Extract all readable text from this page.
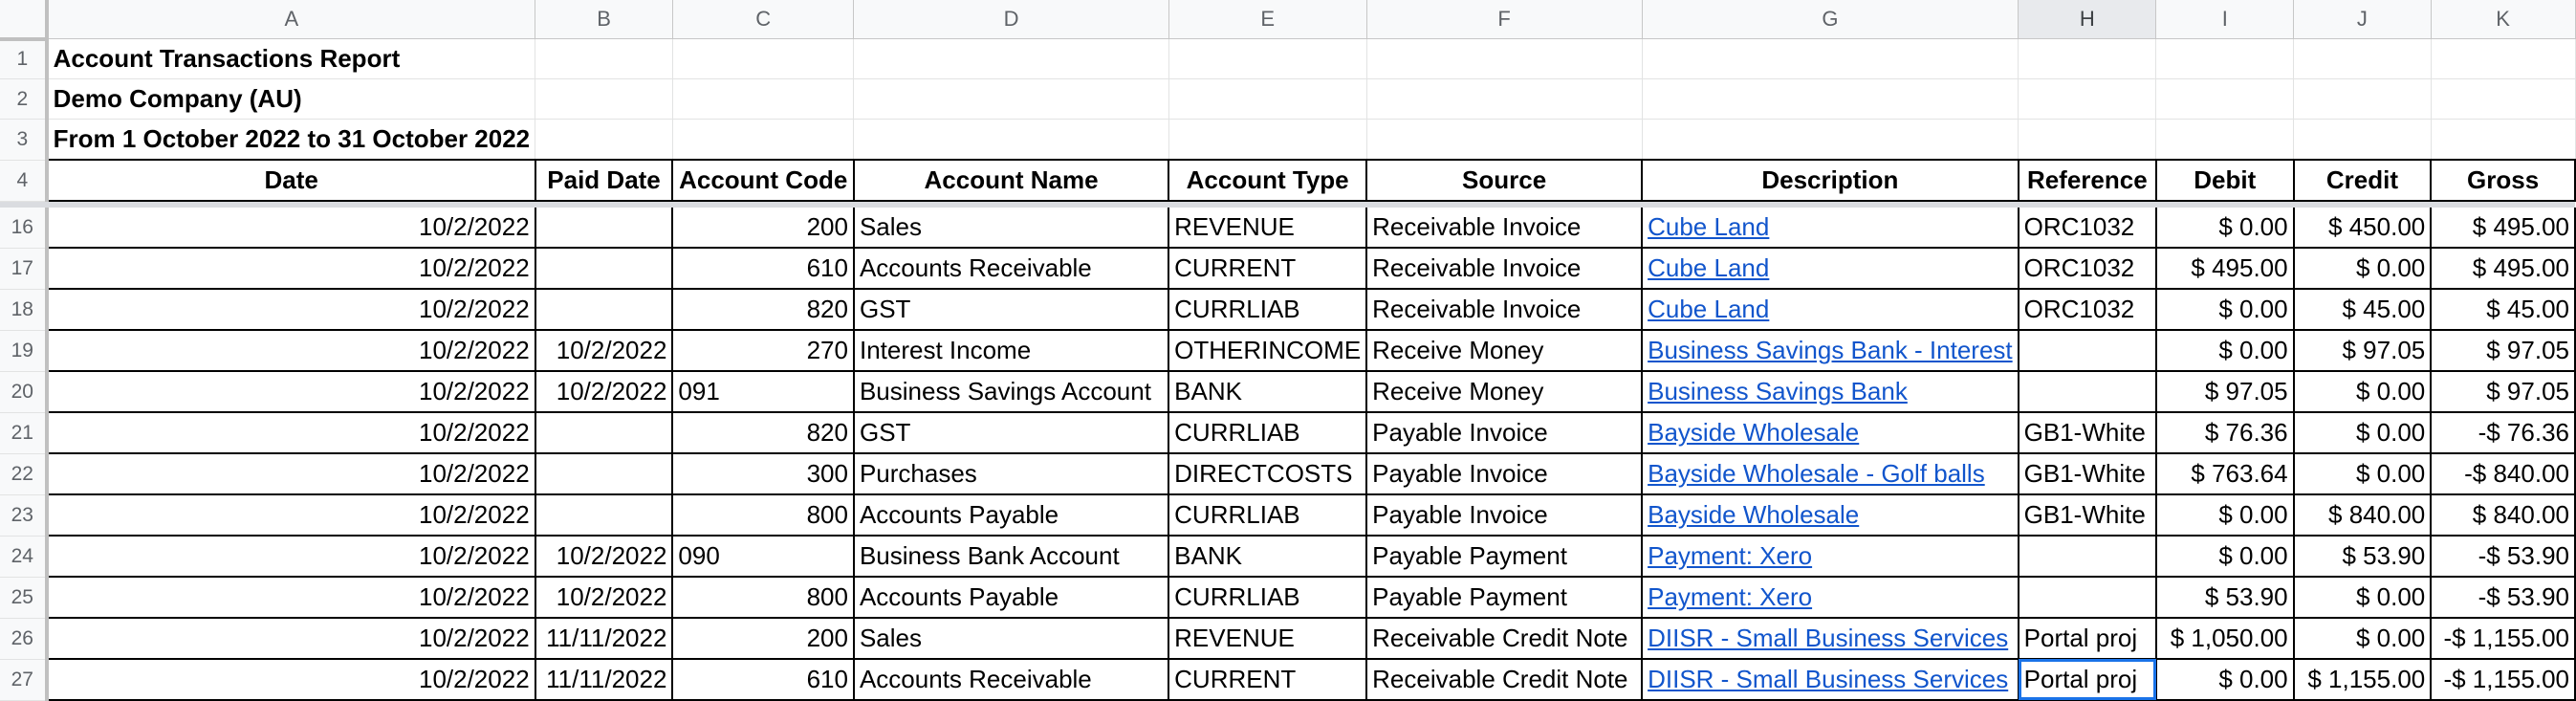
	A	B	C	D	E	F	G	H	I	J	K
1	Account Transactions Report										
2	Demo Company (AU)										
3	From 1 October 2022 to 31 October 2022										
4	Date	Paid Date	Account Code	Account Name	Account Type	Source	Description	Reference	Debit	Credit	Gross

16	10/2/2022		200	Sales	REVENUE	Receivable Invoice	Cube Land	ORC1032	$ 0.00	$ 450.00	$ 495.00
17	10/2/2022		610	Accounts Receivable	CURRENT	Receivable Invoice	Cube Land	ORC1032	$ 495.00	$ 0.00	$ 495.00
18	10/2/2022		820	GST	CURRLIAB	Receivable Invoice	Cube Land	ORC1032	$ 0.00	$ 45.00	$ 45.00
19	10/2/2022	10/2/2022	270	Interest Income	OTHERINCOME	Receive Money	Business Savings Bank - Interest		$ 0.00	$ 97.05	$ 97.05
20	10/2/2022	10/2/2022	091	Business Savings Account	BANK	Receive Money	Business Savings Bank		$ 97.05	$ 0.00	$ 97.05
21	10/2/2022		820	GST	CURRLIAB	Payable Invoice	Bayside Wholesale	GB1-White	$ 76.36	$ 0.00	-$ 76.36
22	10/2/2022		300	Purchases	DIRECTCOSTS	Payable Invoice	Bayside Wholesale - Golf balls	GB1-White	$ 763.64	$ 0.00	-$ 840.00
23	10/2/2022		800	Accounts Payable	CURRLIAB	Payable Invoice	Bayside Wholesale	GB1-White	$ 0.00	$ 840.00	$ 840.00
24	10/2/2022	10/2/2022	090	Business Bank Account	BANK	Payable Payment	Payment: Xero		$ 0.00	$ 53.90	-$ 53.90
25	10/2/2022	10/2/2022	800	Accounts Payable	CURRLIAB	Payable Payment	Payment: Xero		$ 53.90	$ 0.00	-$ 53.90
26	10/2/2022	11/11/2022	200	Sales	REVENUE	Receivable Credit Note	DIISR - Small Business Services	Portal proj	$ 1,050.00	$ 0.00	-$ 1,155.00
27	10/2/2022	11/11/2022	610	Accounts Receivable	CURRENT	Receivable Credit Note	DIISR - Small Business Services	Portal proj	$ 0.00	$ 1,155.00	-$ 1,155.00
